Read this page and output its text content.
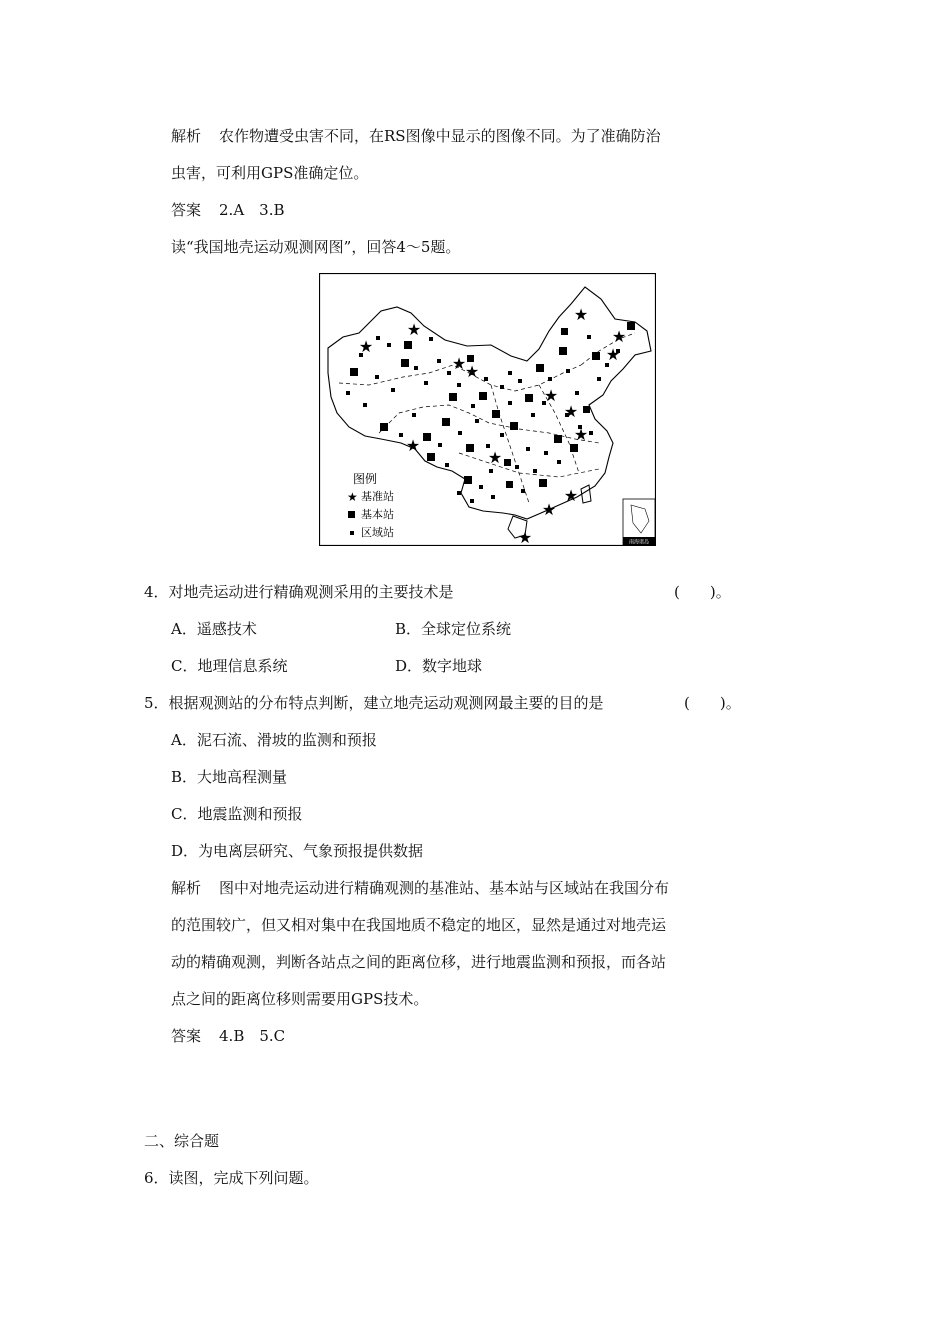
解析 农作物遭受虫害不同，在RS图像中显示的图像不同。为了准确防治
虫害，可利用GPS准确定位。
答案 2.A　3.B
读“我国地壳运动观测网图”，回答4～5题。
★
★
★
★
★
★
★
★
★
★
★
★
★
★
★	南海诸岛
图例
★ 基准站
基本站
区域站
4．对地壳运动进行精确观测采用的主要技术是	(　　)。
A．遥感技术	B．全球定位系统
C．地理信息系统	D．数字地球
5．根据观测站的分布特点判断，建立地壳运动观测网最主要的目的是	(　　)。
A．泥石流、滑坡的监测和预报
B．大地高程测量
C．地震监测和预报
D．为电离层研究、气象预报提供数据
解析 图中对地壳运动进行精确观测的基准站、基本站与区域站在我国分布
的范围较广，但又相对集中在我国地质不稳定的地区，显然是通过对地壳运
动的精确观测，判断各站点之间的距离位移，进行地震监测和预报，而各站
点之间的距离位移则需要用GPS技术。
答案 4.B　5.C
二、综合题
6．读图，完成下列问题。
